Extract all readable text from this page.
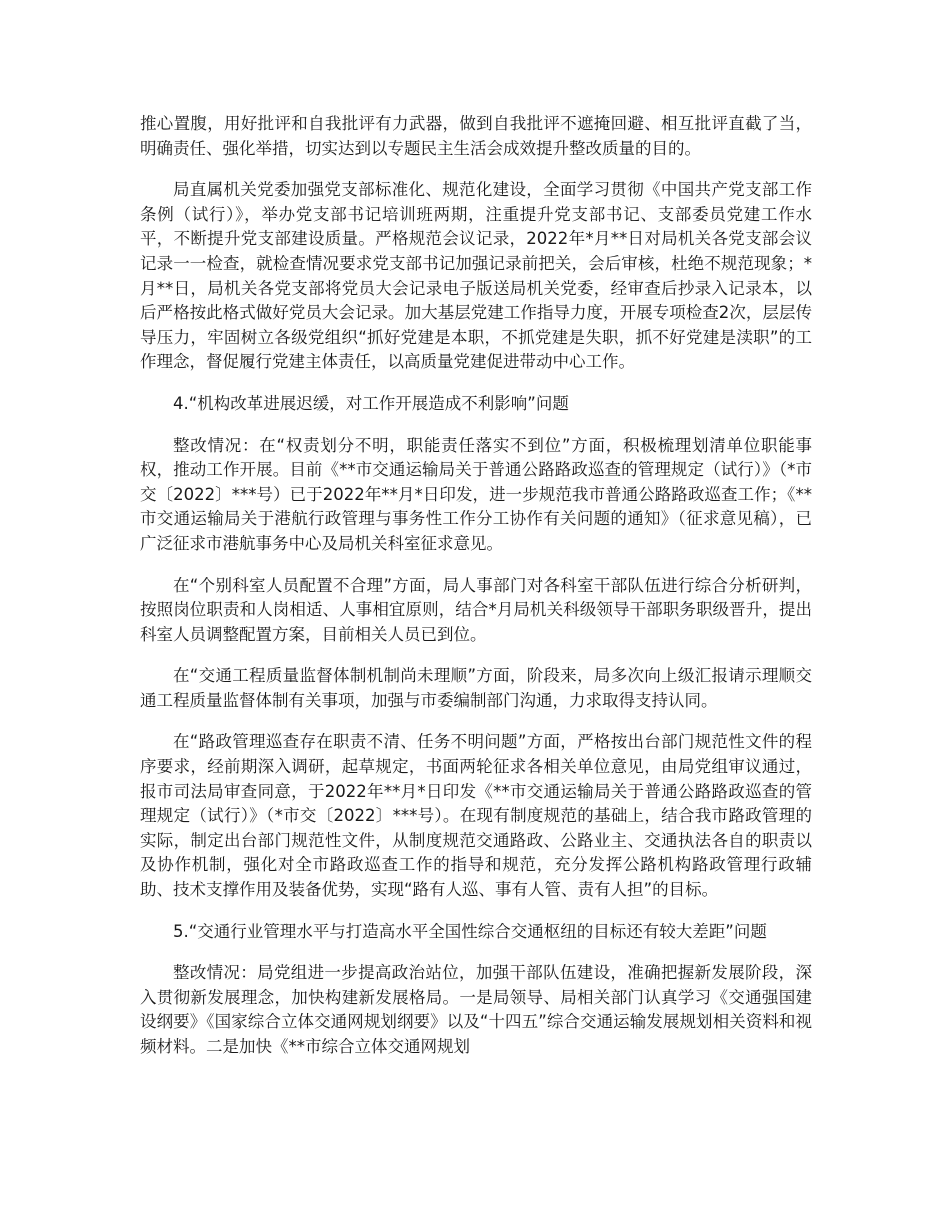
推心置腹，用好批评和自我批评有力武器，做到自我批评不遮掩回避、相互批评直截了当，明确责任、强化举措，切实达到以专题民主生活会成效提升整改质量的目的。

局直属机关党委加强党支部标准化、规范化建设，全面学习贯彻《中国共产党支部工作条例（试行）》，举办党支部书记培训班两期，注重提升党支部书记、支部委员党建工作水平，不断提升党支部建设质量。严格规范会议记录，2022年*月**日对局机关各党支部会议记录一一检查，就检查情况要求党支部书记加强记录前把关，会后审核，杜绝不规范现象；*月**日，局机关各党支部将党员大会记录电子版送局机关党委，经审查后抄录入记录本，以后严格按此格式做好党员大会记录。加大基层党建工作指导力度，开展专项检查2次，层层传导压力，牢固树立各级党组织“抓好党建是本职，不抓党建是失职，抓不好党建是渎职”的工作理念，督促履行党建主体责任，以高质量党建促进带动中心工作。

4.“机构改革进展迟缓，对工作开展造成不利影响”问题

整改情况：在“权责划分不明，职能责任落实不到位”方面，积极梳理划清单位职能事权，推动工作开展。目前《**市交通运输局关于普通公路路政巡查的管理规定（试行）》（*市交〔2022〕***号）已于2022年**月*日印发，进一步规范我市普通公路路政巡查工作；《**市交通运输局关于港航行政管理与事务性工作分工协作有关问题的通知》（征求意见稿），已广泛征求市港航事务中心及局机关科室征求意见。

在“个别科室人员配置不合理”方面，局人事部门对各科室干部队伍进行综合分析研判，按照岗位职责和人岗相适、人事相宜原则，结合*月局机关科级领导干部职务职级晋升，提出科室人员调整配置方案，目前相关人员已到位。

在“交通工程质量监督体制机制尚未理顺”方面，阶段来，局多次向上级汇报请示理顺交通工程质量监督体制有关事项，加强与市委编制部门沟通，力求取得支持认同。

在“路政管理巡查存在职责不清、任务不明问题”方面，严格按出台部门规范性文件的程序要求，经前期深入调研，起草规定，书面两轮征求各相关单位意见，由局党组审议通过，报市司法局审查同意，于2022年**月*日印发《**市交通运输局关于普通公路路政巡查的管理规定（试行）》（*市交〔2022〕***号）。在现有制度规范的基础上，结合我市路政管理的实际，制定出台部门规范性文件，从制度规范交通路政、公路业主、交通执法各自的职责以及协作机制，强化对全市路政巡查工作的指导和规范，充分发挥公路机构路政管理行政辅助、技术支撑作用及装备优势，实现“路有人巡、事有人管、责有人担”的目标。

5.“交通行业管理水平与打造高水平全国性综合交通枢纽的目标还有较大差距”问题

整改情况：局党组进一步提高政治站位，加强干部队伍建设，准确把握新发展阶段，深入贯彻新发展理念，加快构建新发展格局。一是局领导、局相关部门认真学习《交通强国建设纲要》《国家综合立体交通网规划纲要》以及“十四五”综合交通运输发展规划相关资料和视频材料。二是加快《**市综合立体交通网规划
